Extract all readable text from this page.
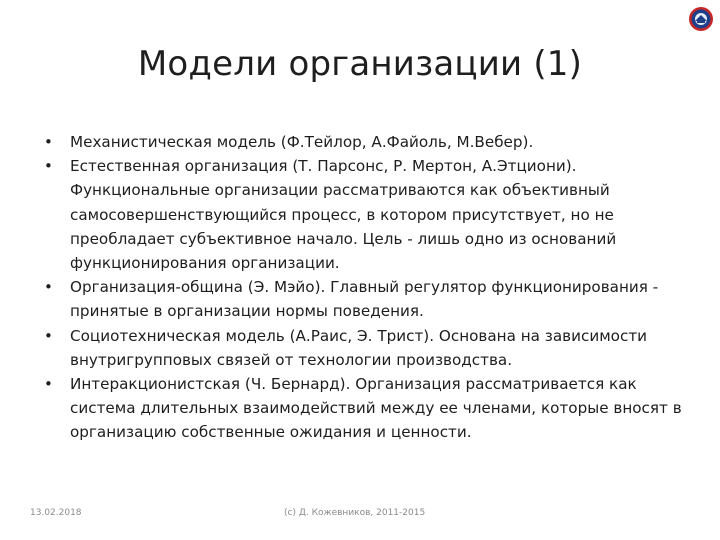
Модели организации (1)
• Механистическая модель (Ф.Тейлор, А.Файоль, М.Вебер).
• Естественная организация (Т. Парсонс, Р. Мертон, А.Этциони). Функциональные организации рассматриваются как объективный самосовершенствующийся процесс, в котором присутствует, но не преобладает субъективное начало. Цель - лишь одно из оснований функционирования организации.
• Организация-община (Э. Мэйо). Главный регулятор функционирования - принятые в организации нормы поведения.
• Социотехническая модель (А.Раис, Э. Трист). Основана на зависимости внутригрупповых связей от технологии производства.
• Интеракционистская (Ч. Бернард). Организация рассматривается как система длительных взаимодействий между ее членами, которые вносят в организацию собственные ожидания и ценности.
13.02.2018	(c) Д. Кожевников, 2011-2015
